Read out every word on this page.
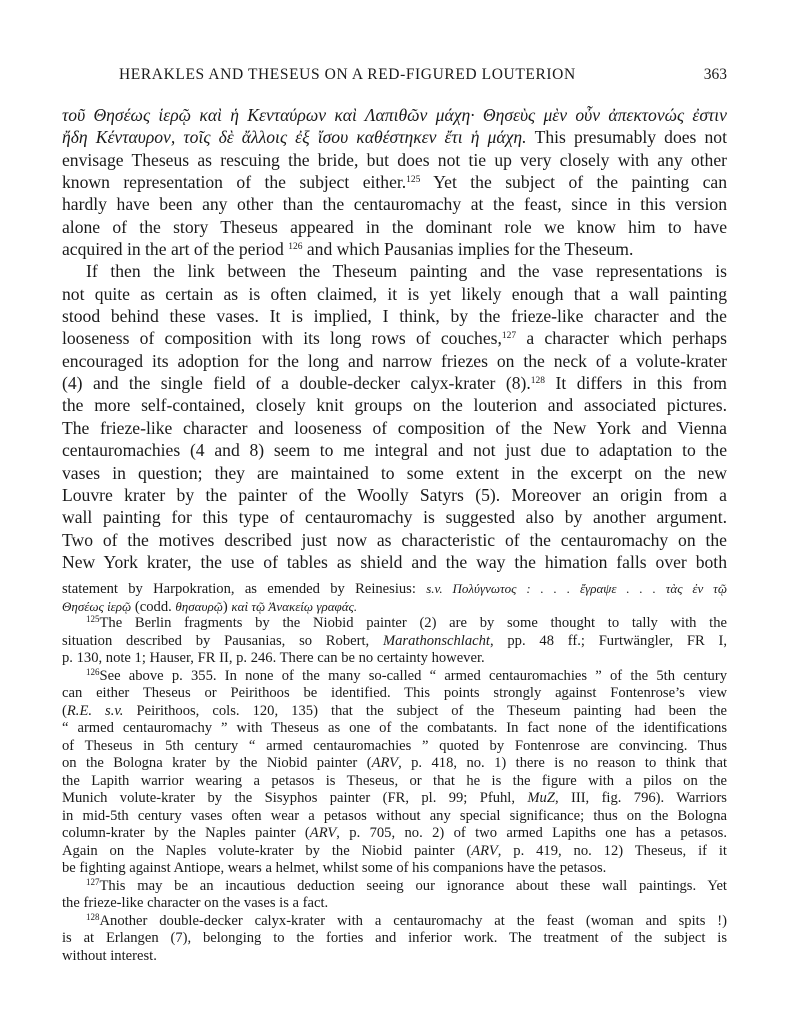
HERAKLES AND THESEUS ON A RED-FIGURED LOUTERION	363
τοῦ Θησέως ἱερῷ καὶ ἡ Κενταύρων καὶ Λαπιθῶν μάχη· Θησεὺς μὲν οὖν ἀπεκτονώς ἐστιν
ἤδη Κένταυρον, τοῖς δὲ ἄλλοις ἐξ ἴσου καθέστηκεν ἔτι ἡ μάχη. This presumably does not
envisage Theseus as rescuing the bride, but does not tie up very closely with any other
known representation of the subject either.$^{125}$ Yet the subject of the painting can
hardly have been any other than the centauromachy at the feast, since in this version
alone of the story Theseus appeared in the dominant role we know him to have
acquired in the art of the period $^{126}$ and which Pausanias implies for the Theseum.
If then the link between the Theseum painting and the vase representations is
not quite as certain as is often claimed, it is yet likely enough that a wall painting
stood behind these vases. It is implied, I think, by the frieze-like character and the
looseness of composition with its long rows of couches,$^{127}$ a character which perhaps
encouraged its adoption for the long and narrow friezes on the neck of a volute-krater
(4) and the single field of a double-decker calyx-krater (8).$^{128}$ It differs in this from
the more self-contained, closely knit groups on the louterion and associated pictures.
The frieze-like character and looseness of composition of the New York and Vienna
centauromachies (4 and 8) seem to me integral and not just due to adaptation to the
vases in question; they are maintained to some extent in the excerpt on the new
Louvre krater by the painter of the Woolly Satyrs (5). Moreover an origin from a
wall painting for this type of centauromachy is suggested also by another argument.
Two of the motives described just now as characteristic of the centauromachy on the
New York krater, the use of tables as shield and the way the himation falls over both
statement by Harpokration, as emended by Reinesius: s.v. Πολύγνωτος : . . . ἔγραψε . . . τὰς ἐν τῷ
Θησέως ἱερῷ (codd. θησαυρῷ) καὶ τῷ Ἀνακείῳ γραφάς.
$^{125}$The Berlin fragments by the Niobid painter (2) are by some thought to tally with the
situation described by Pausanias, so Robert, Marathonschlacht, pp. 48 ff.; Furtwängler, FR I,
p. 130, note 1; Hauser, FR II, p. 246. There can be no certainty however.
$^{126}$See above p. 355. In none of the many so-called “ armed centauromachies ” of the 5th century
can either Theseus or Peirithoos be identified. This points strongly against Fontenrose’s view
(R.E. s.v. Peirithoos, cols. 120, 135) that the subject of the Theseum painting had been the
“ armed centauromachy ” with Theseus as one of the combatants. In fact none of the identifications
of Theseus in 5th century “ armed centauromachies ” quoted by Fontenrose are convincing. Thus
on the Bologna krater by the Niobid painter (ARV, p. 418, no. 1) there is no reason to think that
the Lapith warrior wearing a petasos is Theseus, or that he is the figure with a pilos on the
Munich volute-krater by the Sisyphos painter (FR, pl. 99; Pfuhl, MuZ, III, fig. 796). Warriors
in mid-5th century vases often wear a petasos without any special significance; thus on the Bologna
column-krater by the Naples painter (ARV, p. 705, no. 2) of two armed Lapiths one has a petasos.
Again on the Naples volute-krater by the Niobid painter (ARV, p. 419, no. 12) Theseus, if it
be fighting against Antiope, wears a helmet, whilst some of his companions have the petasos.
$^{127}$This may be an incautious deduction seeing our ignorance about these wall paintings. Yet
the frieze-like character on the vases is a fact.
$^{128}$Another double-decker calyx-krater with a centauromachy at the feast (woman and spits !)
is at Erlangen (7), belonging to the forties and inferior work. The treatment of the subject is
without interest.
